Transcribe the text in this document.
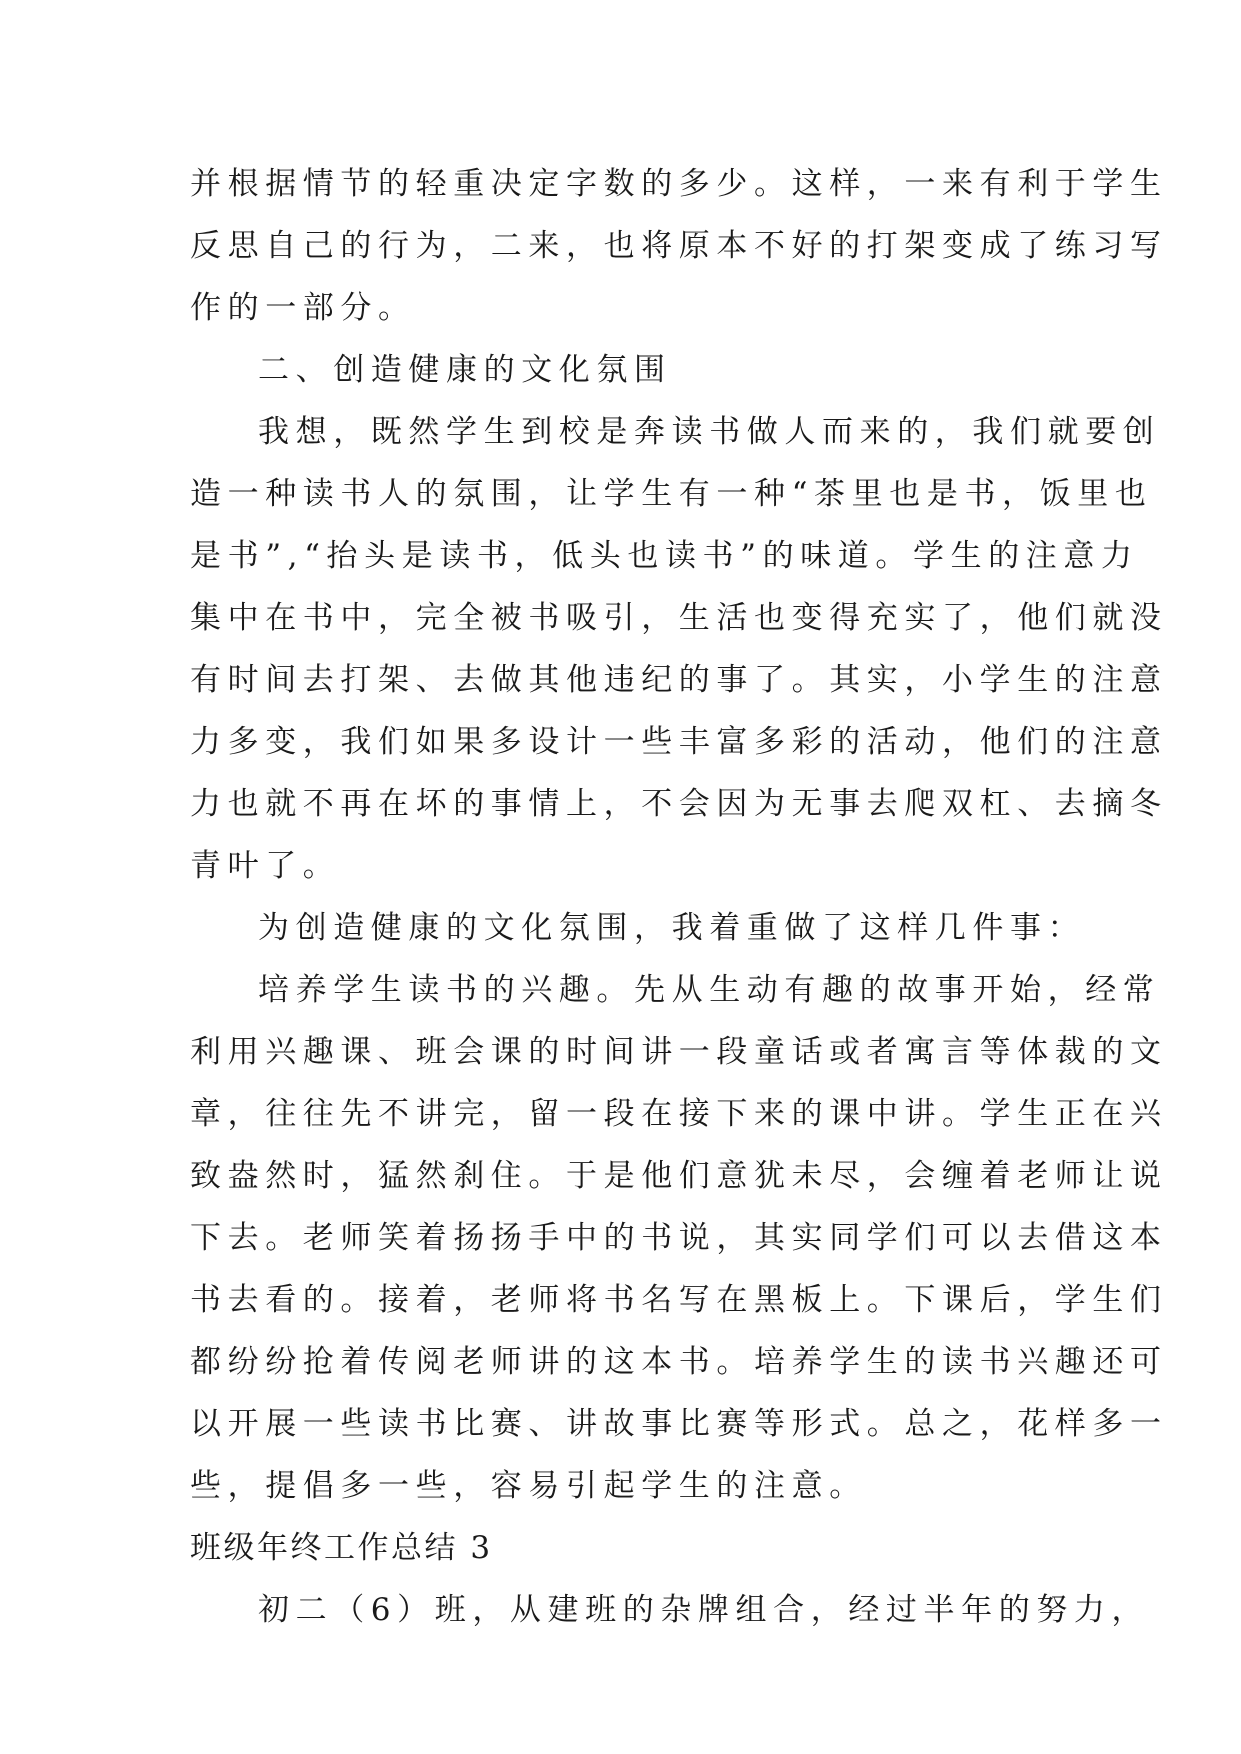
并根据情节的轻重决定字数的多少。这样，一来有利于学生
反思自己的行为，二来，也将原本不好的打架变成了练习写
作的一部分。
二、创造健康的文化氛围
我想，既然学生到校是奔读书做人而来的，我们就要创
造一种读书人的氛围，让学生有一种“茶里也是书，饭里也
是书”,“抬头是读书，低头也读书”的味道。学生的注意力
集中在书中，完全被书吸引，生活也变得充实了，他们就没
有时间去打架、去做其他违纪的事了。其实，小学生的注意
力多变，我们如果多设计一些丰富多彩的活动，他们的注意
力也就不再在坏的事情上，不会因为无事去爬双杠、去摘冬
青叶了。
为创造健康的文化氛围，我着重做了这样几件事：
培养学生读书的兴趣。先从生动有趣的故事开始，经常
利用兴趣课、班会课的时间讲一段童话或者寓言等体裁的文
章，往往先不讲完，留一段在接下来的课中讲。学生正在兴
致盎然时，猛然刹住。于是他们意犹未尽，会缠着老师让说
下去。老师笑着扬扬手中的书说，其实同学们可以去借这本
书去看的。接着，老师将书名写在黑板上。下课后，学生们
都纷纷抢着传阅老师讲的这本书。培养学生的读书兴趣还可
以开展一些读书比赛、讲故事比赛等形式。总之，花样多一
些，提倡多一些，容易引起学生的注意。
班级年终工作总结 3
初二（6）班，从建班的杂牌组合，经过半年的努力，
